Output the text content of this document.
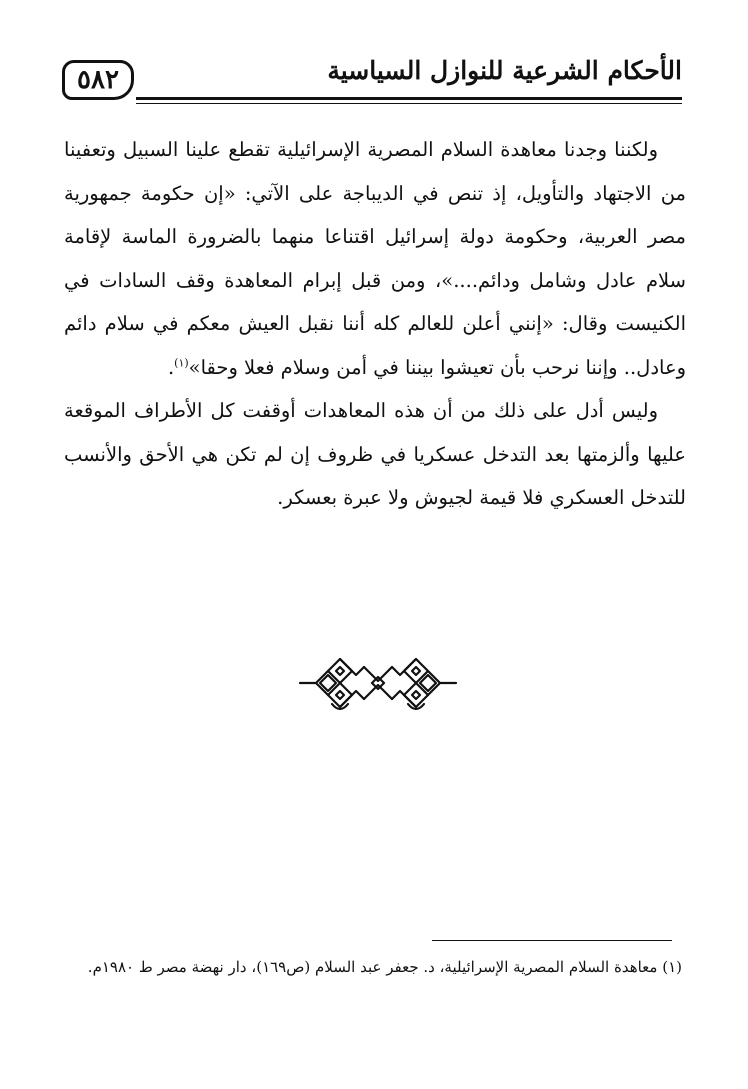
٥٨٢	الأحكام الشرعية للنوازل السياسية

ولكننا وجدنا معاهدة السلام المصرية الإسرائيلية تقطع علينا السبيل وتعفينا من الاجتهاد والتأويل، إذ تنص في الديباجة على الآتي: «إن حكومة جمهورية مصر العربية، وحكومة دولة إسرائيل اقتناعا منهما بالضرورة الماسة لإقامة سلام عادل وشامل ودائم....»، ومن قبل إبرام المعاهدة وقف السادات في الكنيست وقال: «إنني أعلن للعالم كله أننا نقبل العيش معكم في سلام دائم وعادل.. وإننا نرحب بأن تعيشوا بيننا في أمن وسلام فعلا وحقا»$^{(١)}$.

وليس أدل على ذلك من أن هذه المعاهدات أوقفت كل الأطراف الموقعة عليها وألزمتها بعد التدخل عسكريا في ظروف إن لم تكن هي الأحق والأنسب للتدخل العسكري فلا قيمة لجيوش ولا عبرة بعسكر.

(١) معاهدة السلام المصرية الإسرائيلية، د. جعفر عبد السلام (ص١٦٩)، دار نهضة مصر ط ١٩٨٠م.
